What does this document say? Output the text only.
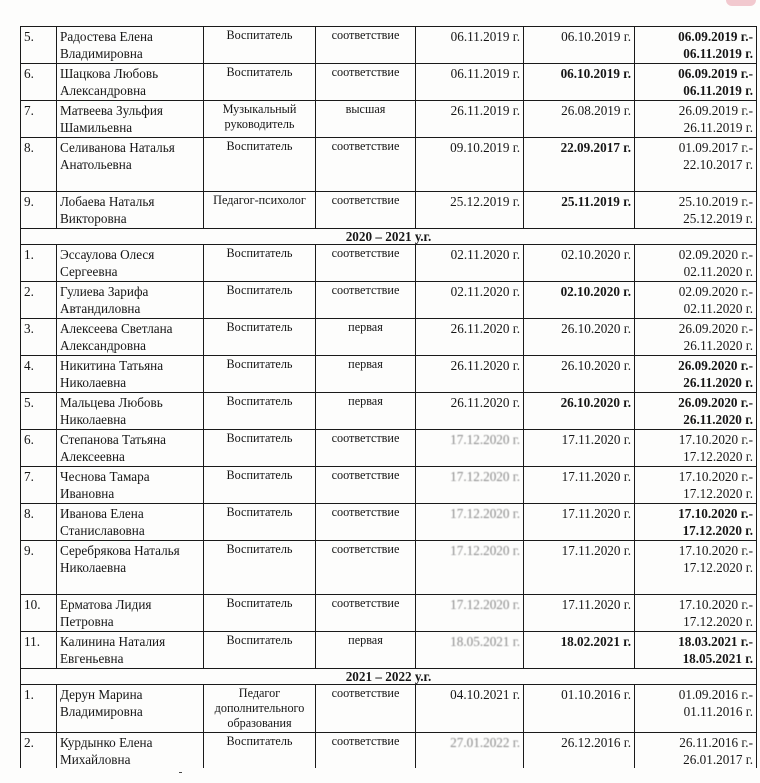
5.	Радостева Елена Владимировна	Воспитатель	соответствие	06.11.2019 г.	06.10.2019 г.	06.09.2019 г.- 06.11.2019 г.
6.	Шацкова Любовь Александровна	Воспитатель	соответствие	06.11.2019 г.	06.10.2019 г.	06.09.2019 г.- 06.11.2019 г.
7.	Матвеева Зульфия Шамильевна	Музыкальный руководитель	высшая	26.11.2019 г.	26.08.2019 г.	26.09.2019 г.- 26.11.2019 г.
8.	Селиванова Наталья Анатольевна	Воспитатель	соответствие	09.10.2019 г.	22.09.2017 г.	01.09.2017 г.- 22.10.2017 г.
9.	Лобаева Наталья Викторовна	Педагог-психолог	соответствие	25.12.2019 г.	25.11.2019 г.	25.10.2019 г.- 25.12.2019 г.
2020 – 2021 у.г.						
1.	Эссаулова Олеся Сергеевна	Воспитатель	соответствие	02.11.2020 г.	02.10.2020 г.	02.09.2020 г.- 02.11.2020 г.
2.	Гулиева Зарифа Автандиловна	Воспитатель	соответствие	02.11.2020 г.	02.10.2020 г.	02.09.2020 г.- 02.11.2020 г.
3.	Алексеева Светлана Александровна	Воспитатель	первая	26.11.2020 г.	26.10.2020 г.	26.09.2020 г.- 26.11.2020 г.
4.	Никитина Татьяна Николаевна	Воспитатель	первая	26.11.2020 г.	26.10.2020 г.	26.09.2020 г.- 26.11.2020 г.
5.	Мальцева Любовь Николаевна	Воспитатель	первая	26.11.2020 г.	26.10.2020 г.	26.09.2020 г.- 26.11.2020 г.
6.	Степанова Татьяна Алексеевна	Воспитатель	соответствие	17.12.2020 г.	17.11.2020 г.	17.10.2020 г.- 17.12.2020 г.
7.	Чеснова Тамара Ивановна	Воспитатель	соответствие	17.12.2020 г.	17.11.2020 г.	17.10.2020 г.- 17.12.2020 г.
8.	Иванова Елена Станиславовна	Воспитатель	соответствие	17.12.2020 г.	17.11.2020 г.	17.10.2020 г.- 17.12.2020 г.
9.	Серебрякова Наталья Николаевна	Воспитатель	соответствие	17.12.2020 г.	17.11.2020 г.	17.10.2020 г.- 17.12.2020 г.
10.	Ерматова Лидия Петровна	Воспитатель	соответствие	17.12.2020 г.	17.11.2020 г.	17.10.2020 г.- 17.12.2020 г.
11.	Калинина Наталия Евгеньевна	Воспитатель	первая	18.05.2021 г.	18.02.2021 г.	18.03.2021 г.- 18.05.2021 г.
2021 – 2022 у.г.						
1.	Дерун Марина Владимировна	Педагог дополнительного образования	соответствие	04.10.2021 г.	01.10.2016 г.	01.09.2016 г.- 01.11.2016 г.
2.	Курдынко Елена Михайловна	Воспитатель	соответствие	27.01.2022 г.	26.12.2016 г.	26.11.2016 г.- 26.01.2017 г.
